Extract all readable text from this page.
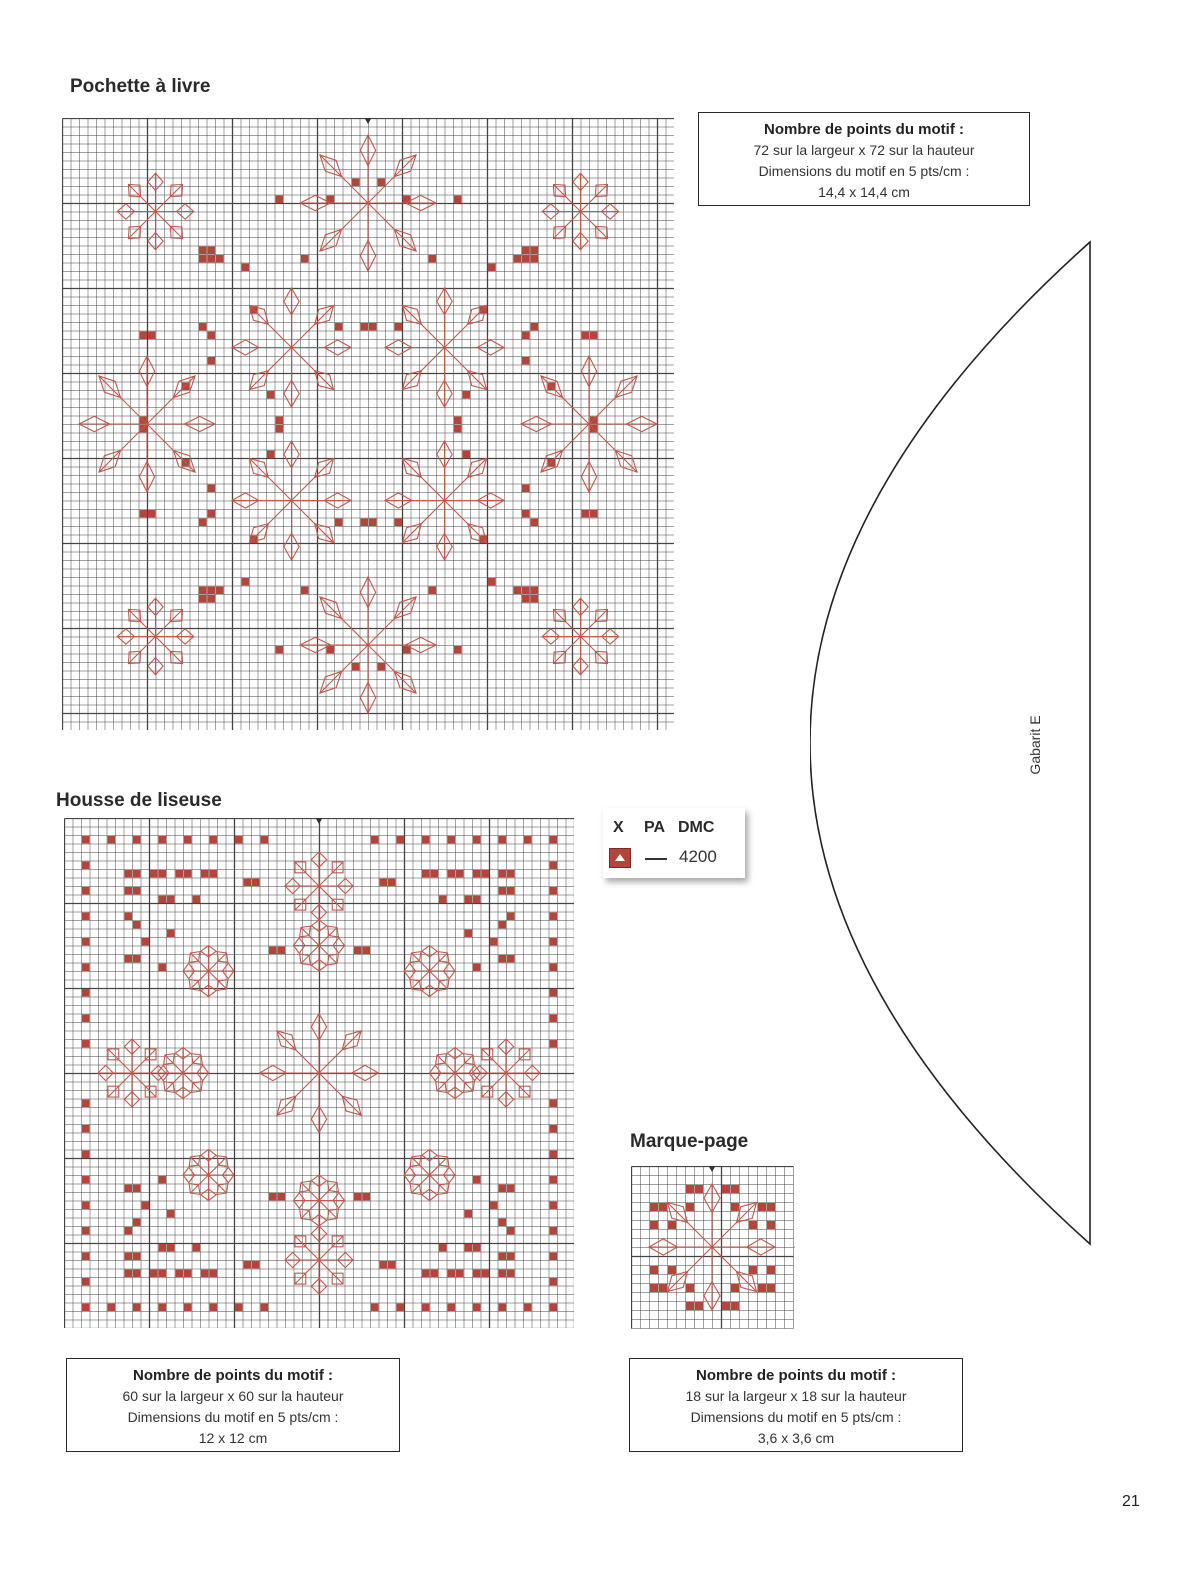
Pochette à livre
Nombre de points du motif :
72 sur la largeur x 72 sur la hauteur
Dimensions du motif en 5 pts/cm :
14,4 x 14,4 cm
Gabarit E
Housse de liseuse
Nombre de points du motif :
60 sur la largeur x 60 sur la hauteur
Dimensions du motif en 5 pts/cm :
12 x 12 cm
X PA DMC
4200
Marque-page
Nombre de points du motif :
18 sur la largeur x 18 sur la hauteur
Dimensions du motif en 5 pts/cm :
3,6 x 3,6 cm
21
